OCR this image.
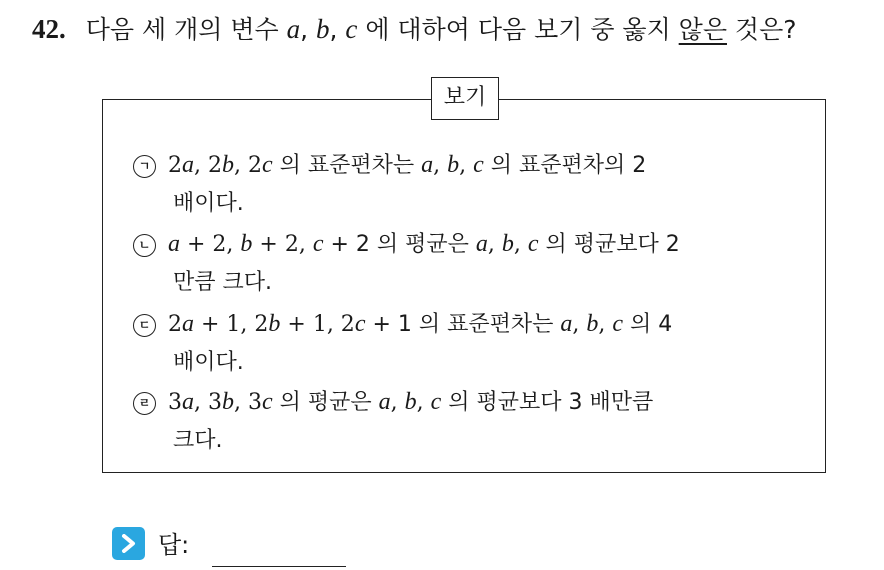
42. 다음 세 개의 변수 a, b, c 에 대하여 다음 보기 중 옳지 않은 것은?
보기
ㄱ 2a, 2b, 2c 의 표준편차는 a, b, c 의 표준편차의 2
배이다.
ㄴ a + 2, b + 2, c + 2 의 평균은 a, b, c 의 평균보다 2
만큼 크다.
ㄷ 2a + 1, 2b + 1, 2c + 1 의 표준편차는 a, b, c 의 4
배이다.
ㄹ 3a, 3b, 3c 의 평균은 a, b, c 의 평균보다 3 배만큼
크다.
답:
